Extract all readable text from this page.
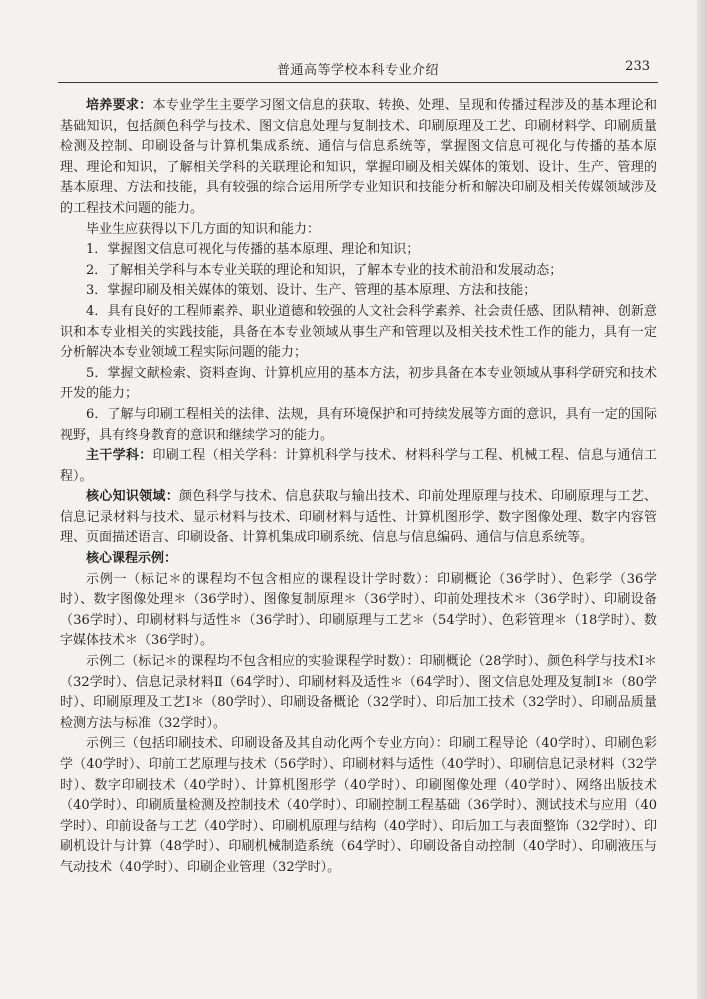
普通高等学校本科专业介绍	233

培养要求：本专业学生主要学习图文信息的获取、转换、处理、呈现和传播过程涉及的基本理论和基础知识，包括颜色科学与技术、图文信息处理与复制技术、印刷原理及工艺、印刷材料学、印刷质量检测及控制、印刷设备与计算机集成系统、通信与信息系统等，掌握图文信息可视化与传播的基本原理、理论和知识，了解相关学科的关联理论和知识，掌握印刷及相关媒体的策划、设计、生产、管理的基本原理、方法和技能，具有较强的综合运用所学专业知识和技能分析和解决印刷及相关传媒领域涉及的工程技术问题的能力。

毕业生应获得以下几方面的知识和能力：

1．掌握图文信息可视化与传播的基本原理、理论和知识；

2．了解相关学科与本专业关联的理论和知识，了解本专业的技术前沿和发展动态；

3．掌握印刷及相关媒体的策划、设计、生产、管理的基本原理、方法和技能；

4．具有良好的工程师素养、职业道德和较强的人文社会科学素养、社会责任感、团队精神、创新意识和本专业相关的实践技能，具备在本专业领域从事生产和管理以及相关技术性工作的能力，具有一定分析解决本专业领域工程实际问题的能力；

5．掌握文献检索、资料查询、计算机应用的基本方法，初步具备在本专业领域从事科学研究和技术开发的能力；

6．了解与印刷工程相关的法律、法规，具有环境保护和可持续发展等方面的意识，具有一定的国际视野，具有终身教育的意识和继续学习的能力。

主干学科：印刷工程（相关学科：计算机科学与技术、材料科学与工程、机械工程、信息与通信工程）。

核心知识领域：颜色科学与技术、信息获取与输出技术、印前处理原理与技术、印刷原理与工艺、信息记录材料与技术、显示材料与技术、印刷材料与适性、计算机图形学、数字图像处理、数字内容管理、页面描述语言、印刷设备、计算机集成印刷系统、信息与信息编码、通信与信息系统等。

核心课程示例：

示例一（标记＊的课程均不包含相应的课程设计学时数）：印刷概论（36学时）、色彩学（36学时）、数字图像处理＊（36学时）、图像复制原理＊（36学时）、印前处理技术＊（36学时）、印刷设备（36学时）、印刷材料与适性＊（36学时）、印刷原理与工艺＊（54学时）、色彩管理＊（18学时）、数字媒体技术＊（36学时）。

示例二（标记＊的课程均不包含相应的实验课程学时数）：印刷概论（28学时）、颜色科学与技术Ⅰ＊（32学时）、信息记录材料Ⅱ（64学时）、印刷材料及适性＊（64学时）、图文信息处理及复制Ⅰ＊（80学时）、印刷原理及工艺Ⅰ＊（80学时）、印刷设备概论（32学时）、印后加工技术（32学时）、印刷品质量检测方法与标准（32学时）。

示例三（包括印刷技术、印刷设备及其自动化两个专业方向）：印刷工程导论（40学时）、印刷色彩学（40学时）、印前工艺原理与技术（56学时）、印刷材料与适性（40学时）、印刷信息记录材料（32学时）、数字印刷技术（40学时）、计算机图形学（40学时）、印刷图像处理（40学时）、网络出版技术（40学时）、印刷质量检测及控制技术（40学时）、印刷控制工程基础（36学时）、测试技术与应用（40学时）、印前设备与工艺（40学时）、印刷机原理与结构（40学时）、印后加工与表面整饰（32学时）、印刷机设计与计算（48学时）、印刷机械制造系统（64学时）、印刷设备自动控制（40学时）、印刷液压与气动技术（40学时）、印刷企业管理（32学时）。
